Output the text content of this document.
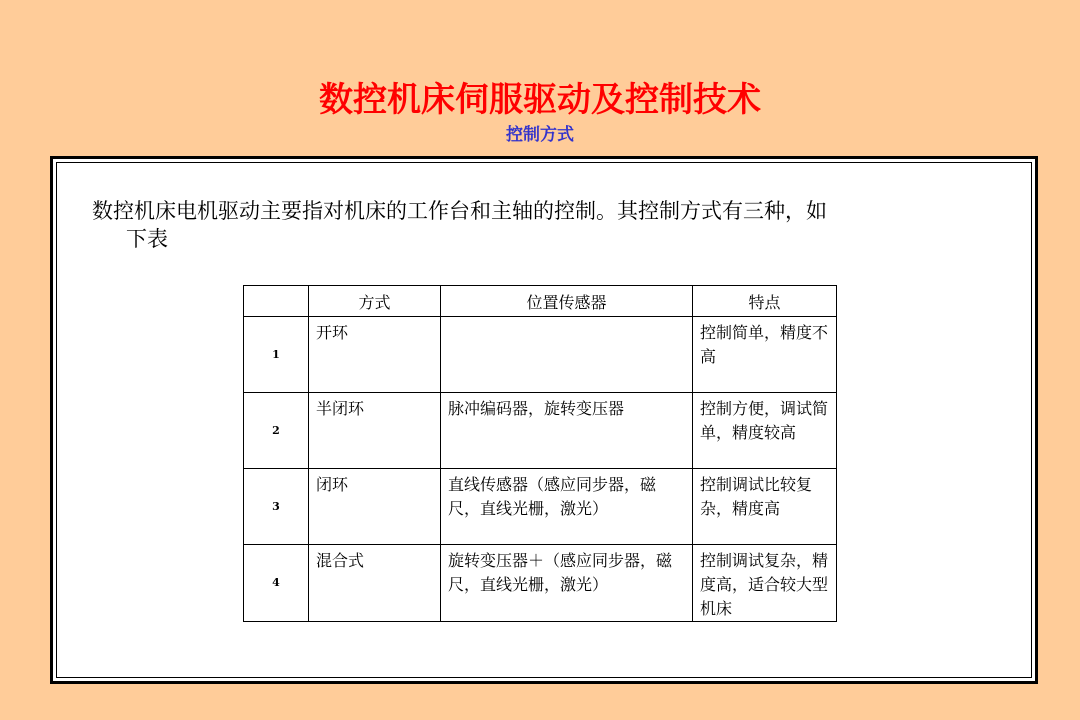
数控机床伺服驱动及控制技术
控制方式

数控机床电机驱动主要指对机床的工作台和主轴的控制。其控制方式有三种，如
下表

	方式	位置传感器	特点
1	开环		控制简单，精度不高
2	半闭环	脉冲编码器，旋转变压器	控制方便，调试简单，精度较高
3	闭环	直线传感器（感应同步器，磁尺，直线光栅，激光）	控制调试比较复杂，精度高
4	混合式	旋转变压器＋（感应同步器，磁尺，直线光栅，激光）	控制调试复杂，精度高，适合较大型机床
